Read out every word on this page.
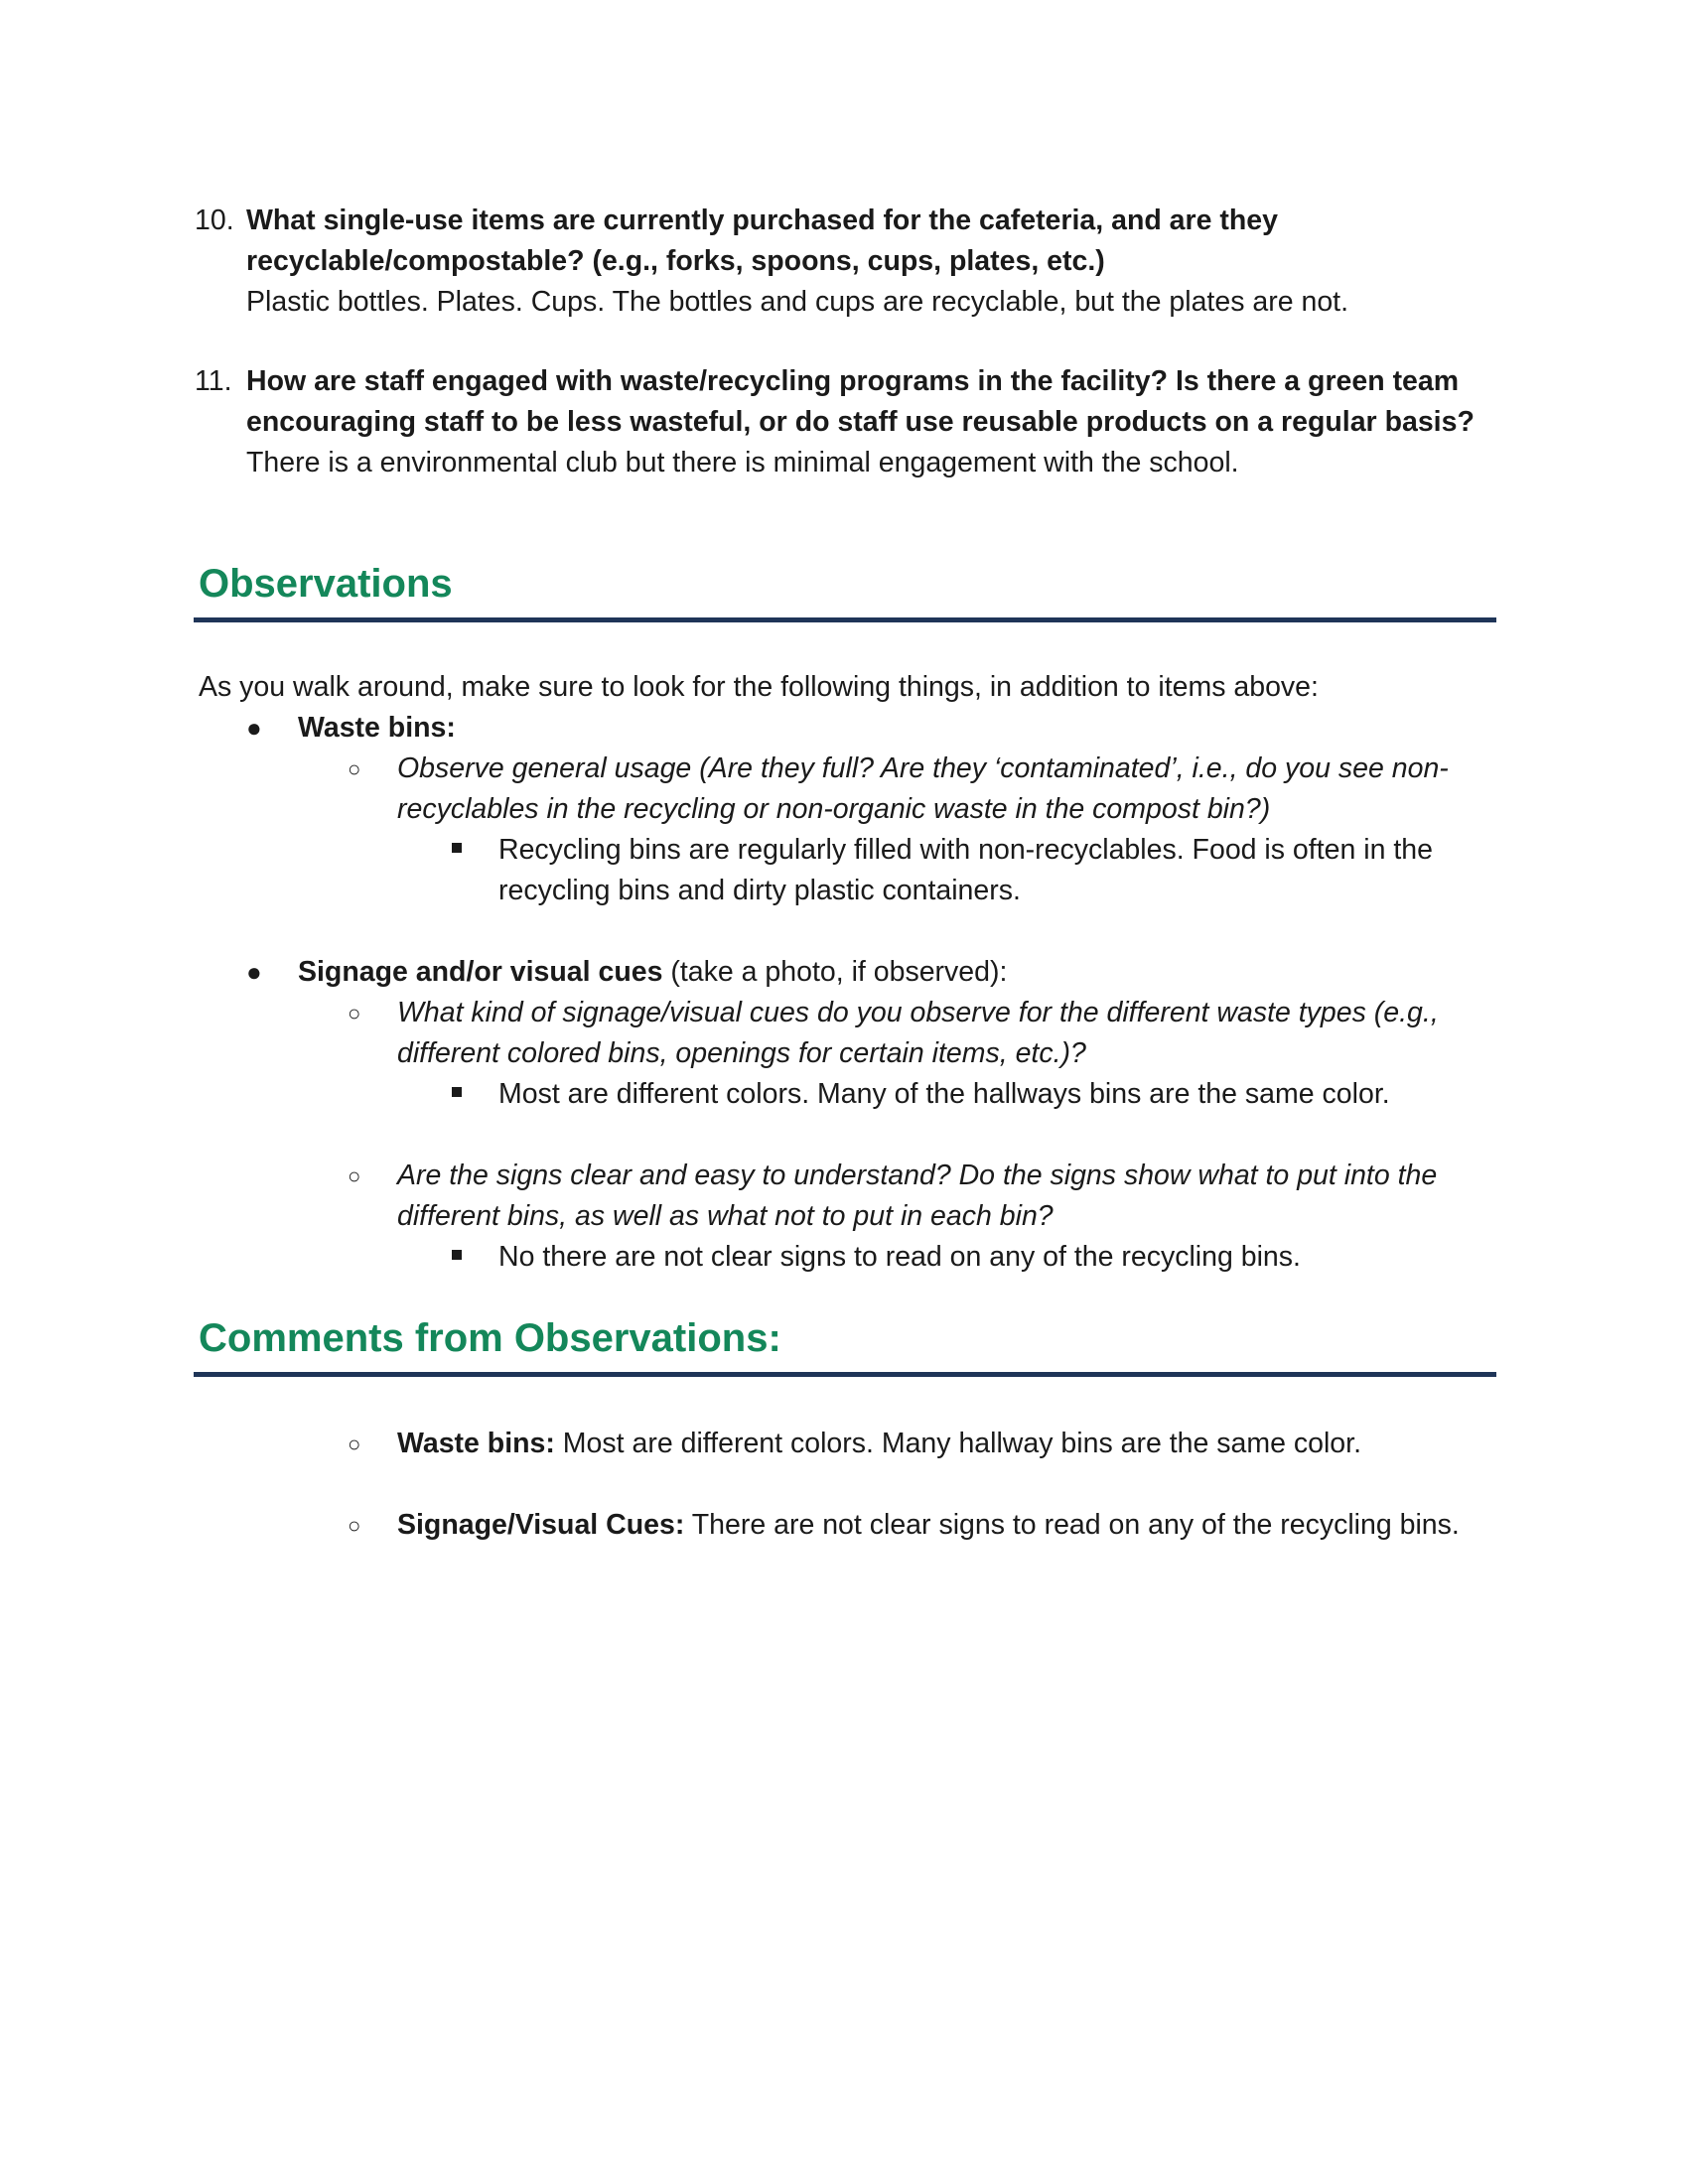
10. What single-use items are currently purchased for the cafeteria, and are they recyclable/compostable? (e.g., forks, spoons, cups, plates, etc.)
Plastic bottles. Plates. Cups. The bottles and cups are recyclable, but the plates are not.
11. How are staff engaged with waste/recycling programs in the facility? Is there a green team encouraging staff to be less wasteful, or do staff use reusable products on a regular basis?
There is a environmental club but there is minimal engagement with the school.
Observations
As you walk around, make sure to look for the following things, in addition to items above:
● Waste bins:
○ Observe general usage (Are they full? Are they ‘contaminated’, i.e., do you see non-recyclables in the recycling or non-organic waste in the compost bin?)
Recycling bins are regularly filled with non-recyclables. Food is often in the recycling bins and dirty plastic containers.
● Signage and/or visual cues (take a photo, if observed):
○ What kind of signage/visual cues do you observe for the different waste types (e.g., different colored bins, openings for certain items, etc.)?
Most are different colors. Many of the hallways bins are the same color.
○ Are the signs clear and easy to understand? Do the signs show what to put into the different bins, as well as what not to put in each bin?
No there are not clear signs to read on any of the recycling bins.
Comments from Observations:
○ Waste bins: Most are different colors. Many hallway bins are the same color.
○ Signage/Visual Cues: There are not clear signs to read on any of the recycling bins.
